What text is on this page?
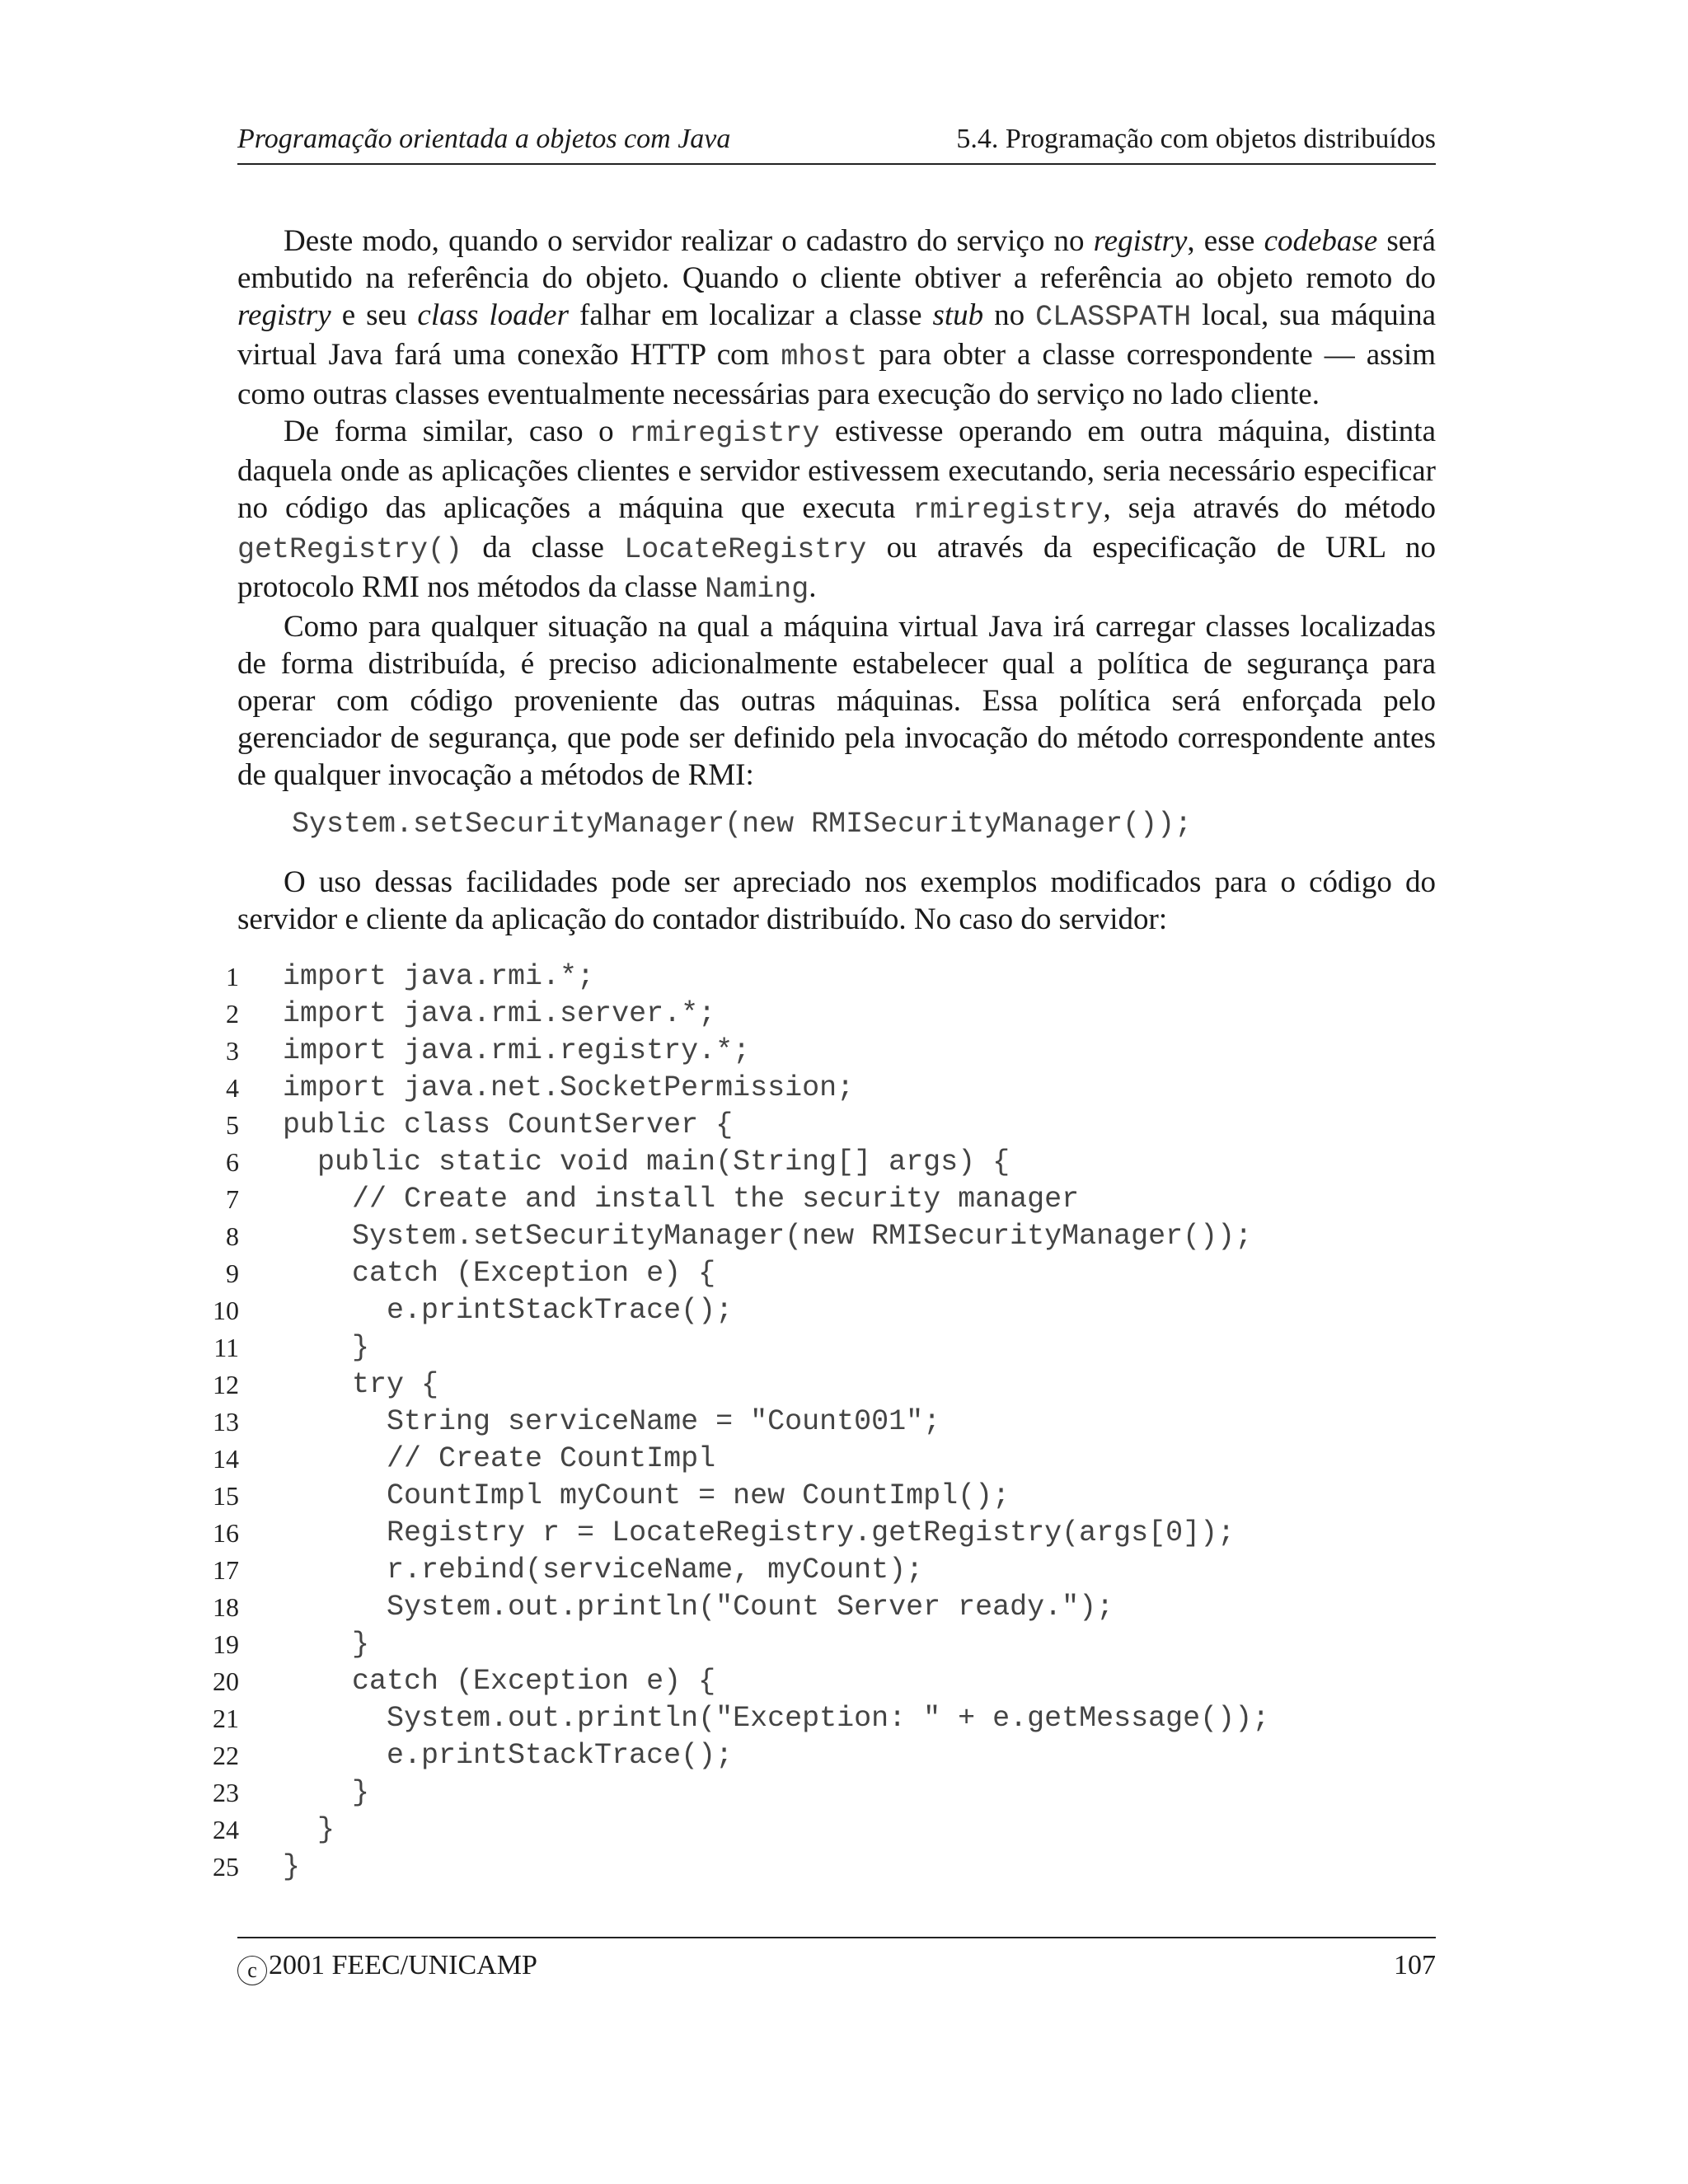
Programação orientada a objetos com Java	5.4. Programação com objetos distribuídos

Deste modo, quando o servidor realizar o cadastro do serviço no registry, esse codebase será embutido na referência do objeto. Quando o cliente obtiver a referência ao objeto remoto do registry e seu class loader falhar em localizar a classe stub no CLASSPATH local, sua máquina virtual Java fará uma conexão HTTP com mhost para obter a classe correspondente — assim como outras classes eventualmente necessárias para execução do serviço no lado cliente.

De forma similar, caso o rmiregistry estivesse operando em outra máquina, distinta daquela onde as aplicações clientes e servidor estivessem executando, seria necessário especificar no código das aplicações a máquina que executa rmiregistry, seja através do método getRegistry() da classe LocateRegistry ou através da especificação de URL no protocolo RMI nos métodos da classe Naming.

Como para qualquer situação na qual a máquina virtual Java irá carregar classes localizadas de forma distribuída, é preciso adicionalmente estabelecer qual a política de segurança para operar com código proveniente das outras máquinas. Essa política será enforçada pelo gerenciador de segurança, que pode ser definido pela invocação do método correspondente antes de qualquer invocação a métodos de RMI:

System.setSecurityManager(new RMISecurityManager());

O uso dessas facilidades pode ser apreciado nos exemplos modificados para o código do servidor e cliente da aplicação do contador distribuído. No caso do servidor:

1 import java.rmi.*;
2 import java.rmi.server.*;
3 import java.rmi.registry.*;
4 import java.net.SocketPermission;
5 public class CountServer {
6 public static void main(String[] args) {
7 // Create and install the security manager
8 System.setSecurityManager(new RMISecurityManager());
9 catch (Exception e) {
10 e.printStackTrace();
11 }
12 try {
13 String serviceName = "Count001";
14 // Create CountImpl
15 CountImpl myCount = new CountImpl();
16 Registry r = LocateRegistry.getRegistry(args[0]);
17 r.rebind(serviceName, myCount);
18 System.out.println("Count Server ready.");
19 }
20 catch (Exception e) {
21 System.out.println("Exception: " + e.getMessage());
22 e.printStackTrace();
23 }
24 }
25 }
c 2001 FEEC/UNICAMP	107
